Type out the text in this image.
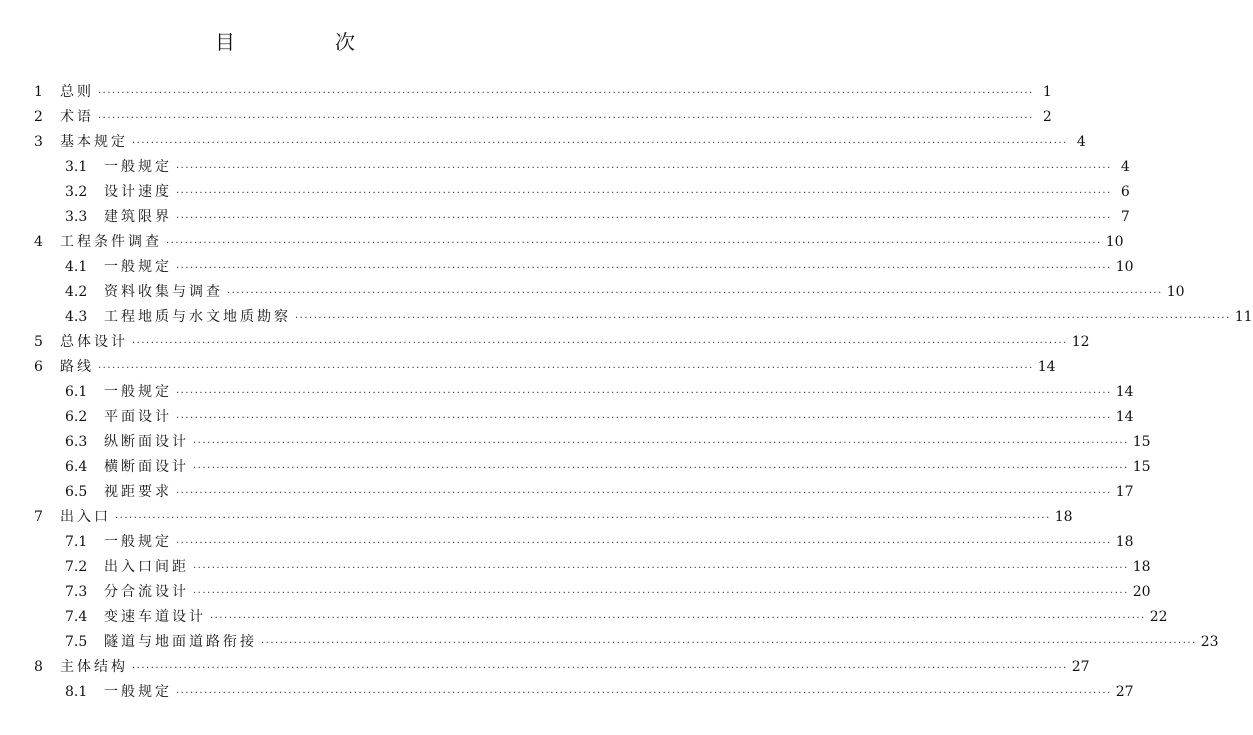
目　次
1 总则 ········································································································································································································ 1
2 术语 ········································································································································································································ 2
3 基本规定 ········································································································································································································ 4
3.1 一般规定 ········································································································································································································ 4
3.2 设计速度 ········································································································································································································ 6
3.3 建筑限界 ········································································································································································································ 7
4 工程条件调查 ········································································································································································································ 10
4.1 一般规定 ········································································································································································································ 10
4.2 资料收集与调查 ········································································································································································································ 10
4.3 工程地质与水文地质勘察 ········································································································································································································ 11
5 总体设计 ········································································································································································································ 12
6 路线 ········································································································································································································ 14
6.1 一般规定 ········································································································································································································ 14
6.2 平面设计 ········································································································································································································ 14
6.3 纵断面设计 ········································································································································································································ 15
6.4 横断面设计 ········································································································································································································ 15
6.5 视距要求 ········································································································································································································ 17
7 出入口 ········································································································································································································ 18
7.1 一般规定 ········································································································································································································ 18
7.2 出入口间距 ········································································································································································································ 18
7.3 分合流设计 ········································································································································································································ 20
7.4 变速车道设计 ········································································································································································································ 22
7.5 隧道与地面道路衔接 ········································································································································································································ 23
8 主体结构 ········································································································································································································ 27
8.1 一般规定 ········································································································································································································ 27
